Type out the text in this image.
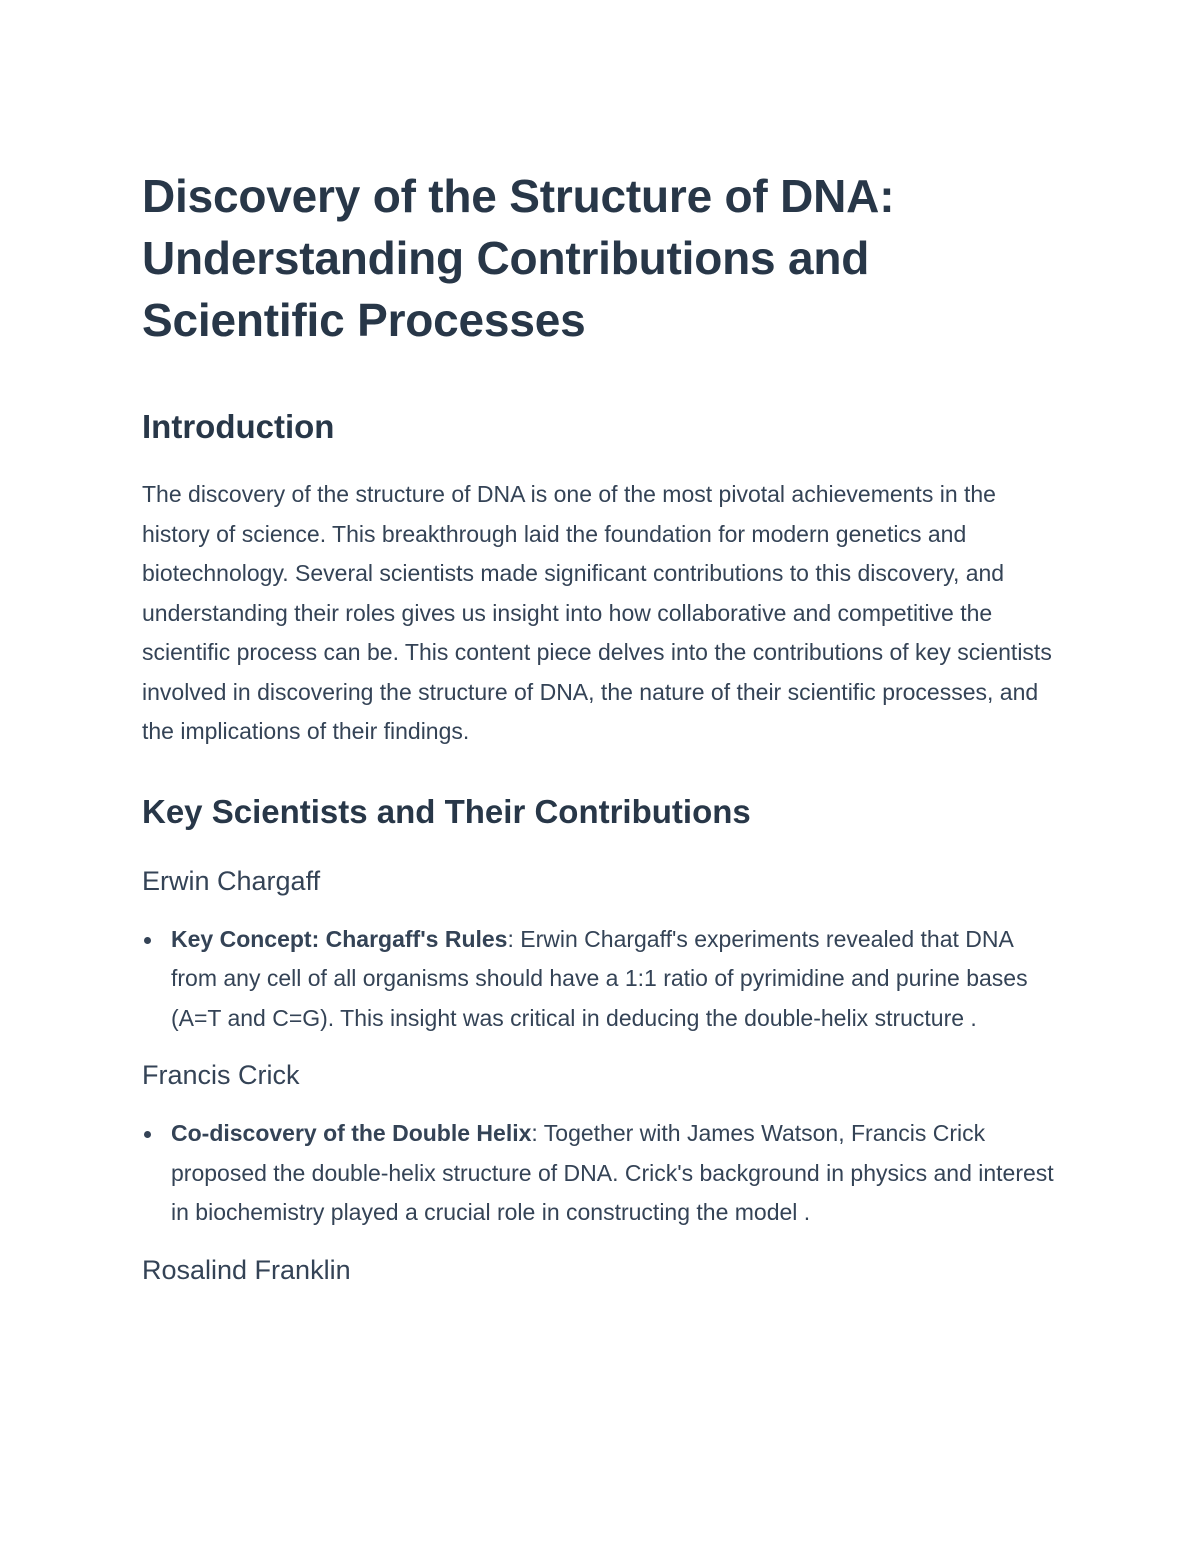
Discovery of the Structure of DNA: Understanding Contributions and Scientific Processes
Introduction

The discovery of the structure of DNA is one of the most pivotal achievements in the history of science. This breakthrough laid the foundation for modern genetics and biotechnology. Several scientists made significant contributions to this discovery, and understanding their roles gives us insight into how collaborative and competitive the scientific process can be. This content piece delves into the contributions of key scientists involved in discovering the structure of DNA, the nature of their scientific processes, and the implications of their findings.

Key Scientists and Their Contributions
Erwin Chargaff
Key Concept: Chargaff's Rules: Erwin Chargaff's experiments revealed that DNA from any cell of all organisms should have a 1:1 ratio of pyrimidine and purine bases (A=T and C=G). This insight was critical in deducing the double-helix structure .
Francis Crick
Co-discovery of the Double Helix: Together with James Watson, Francis Crick proposed the double-helix structure of DNA. Crick's background in physics and interest in biochemistry played a crucial role in constructing the model .
Rosalind Franklin
